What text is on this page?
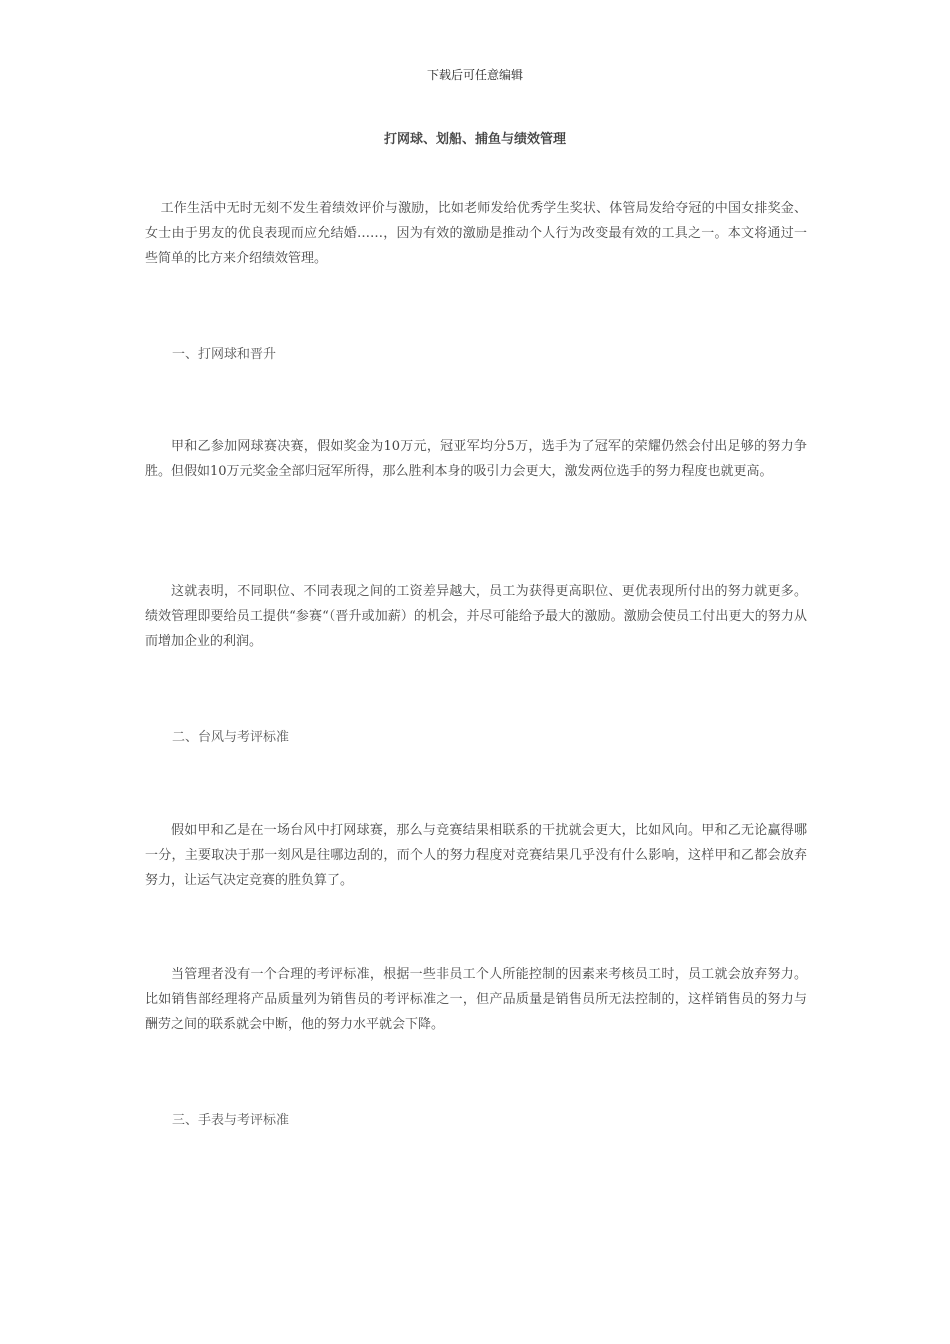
下载后可任意编辑
打网球、划船、捕鱼与绩效管理

工作生活中无时无刻不发生着绩效评价与激励，比如老师发给优秀学生奖状、体管局发给夺冠的中国女排奖金、女士由于男友的优良表现而应允结婚……，因为有效的激励是推动个人行为改变最有效的工具之一。本文将通过一些简单的比方来介绍绩效管理。

一、打网球和晋升

甲和乙参加网球赛决赛，假如奖金为10万元，冠亚军均分5万，选手为了冠军的荣耀仍然会付出足够的努力争胜。但假如10万元奖金全部归冠军所得，那么胜利本身的吸引力会更大，激发两位选手的努力程度也就更高。

这就表明，不同职位、不同表现之间的工资差异越大，员工为获得更高职位、更优表现所付出的努力就更多。绩效管理即要给员工提供“参赛“（晋升或加薪）的机会，并尽可能给予最大的激励。激励会使员工付出更大的努力从而增加企业的利润。

二、台风与考评标准

假如甲和乙是在一场台风中打网球赛，那么与竞赛结果相联系的干扰就会更大，比如风向。甲和乙无论赢得哪一分，主要取决于那一刻风是往哪边刮的，而个人的努力程度对竞赛结果几乎没有什么影响，这样甲和乙都会放弃努力，让运气决定竞赛的胜负算了。

当管理者没有一个合理的考评标准，根据一些非员工个人所能控制的因素来考核员工时，员工就会放弃努力。比如销售部经理将产品质量列为销售员的考评标准之一，但产品质量是销售员所无法控制的，这样销售员的努力与酬劳之间的联系就会中断，他的努力水平就会下降。

三、手表与考评标准
